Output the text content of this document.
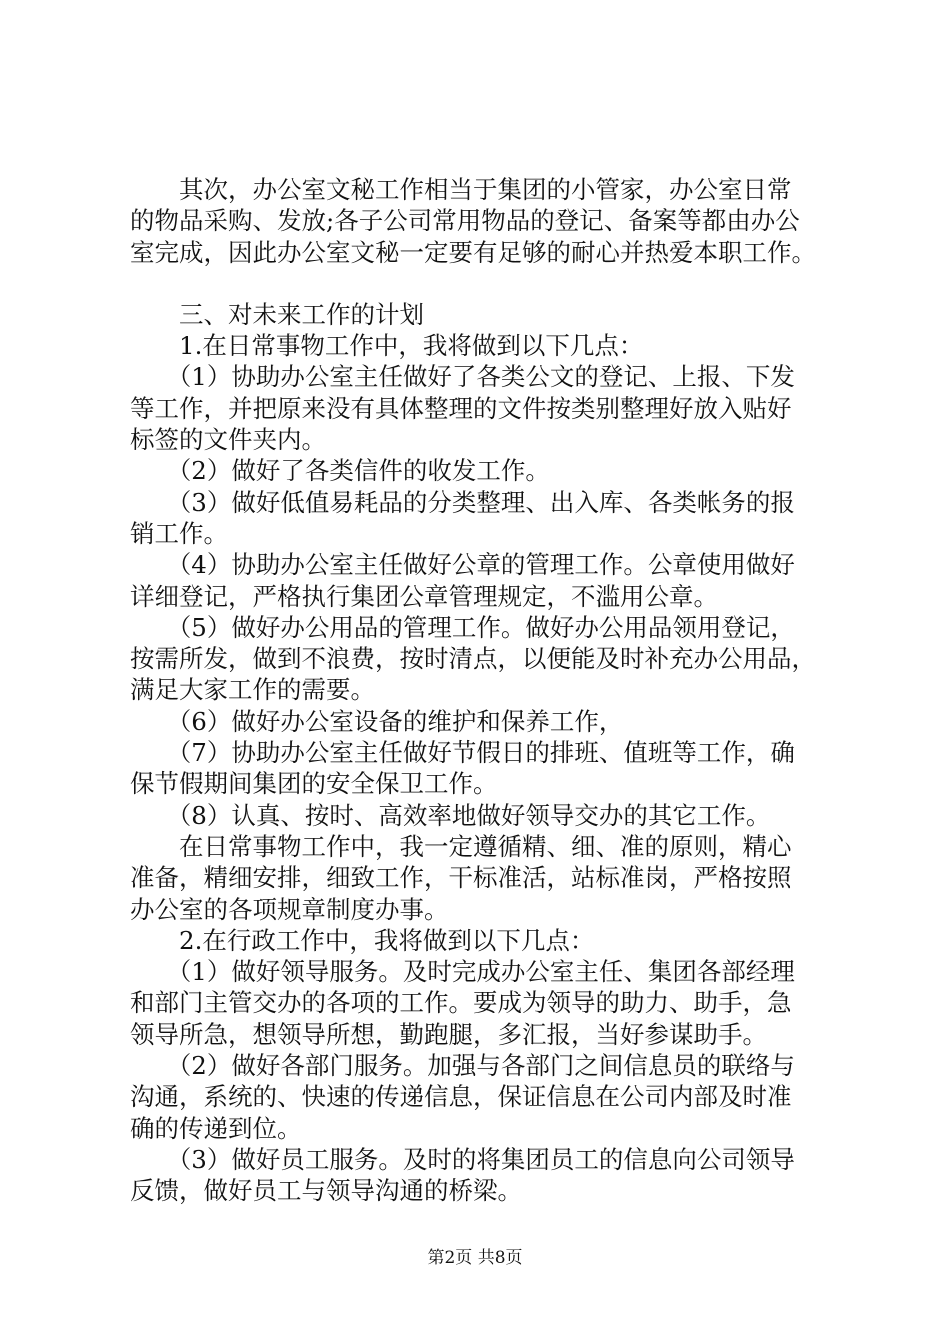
　　其次，办公室文秘工作相当于集团的小管家，办公室日常

的物品采购、发放;各子公司常用物品的登记、备案等都由办公

室完成，因此办公室文秘一定要有足够的耐心并热爱本职工作。

　　三、对未来工作的计划

　　1.在日常事物工作中，我将做到以下几点：

　　（1）协助办公室主任做好了各类公文的登记、上报、下发

等工作，并把原来没有具体整理的文件按类别整理好放入贴好

标签的文件夹内。

　　（2）做好了各类信件的收发工作。

　　（3）做好低值易耗品的分类整理、出入库、各类帐务的报

销工作。

　　（4）协助办公室主任做好公章的管理工作。公章使用做好

详细登记，严格执行集团公章管理规定，不滥用公章。

　　（5）做好办公用品的管理工作。做好办公用品领用登记，

按需所发，做到不浪费，按时清点，以便能及时补充办公用品，

满足大家工作的需要。

　　（6）做好办公室设备的维护和保养工作，

　　（7）协助办公室主任做好节假日的排班、值班等工作，确

保节假期间集团的安全保卫工作。

　　（8）认真、按时、高效率地做好领导交办的其它工作。

　　在日常事物工作中，我一定遵循精、细、准的原则，精心

准备，精细安排，细致工作，干标准活，站标准岗，严格按照

办公室的各项规章制度办事。

　　2.在行政工作中，我将做到以下几点：

　　（1）做好领导服务。及时完成办公室主任、集团各部经理

和部门主管交办的各项的工作。要成为领导的助力、助手，急

领导所急，想领导所想，勤跑腿，多汇报，当好参谋助手。

　　（2）做好各部门服务。加强与各部门之间信息员的联络与

沟通，系统的、快速的传递信息，保证信息在公司内部及时准

确的传递到位。

　　（3）做好员工服务。及时的将集团员工的信息向公司领导

反馈，做好员工与领导沟通的桥梁。

第2页 共8页
